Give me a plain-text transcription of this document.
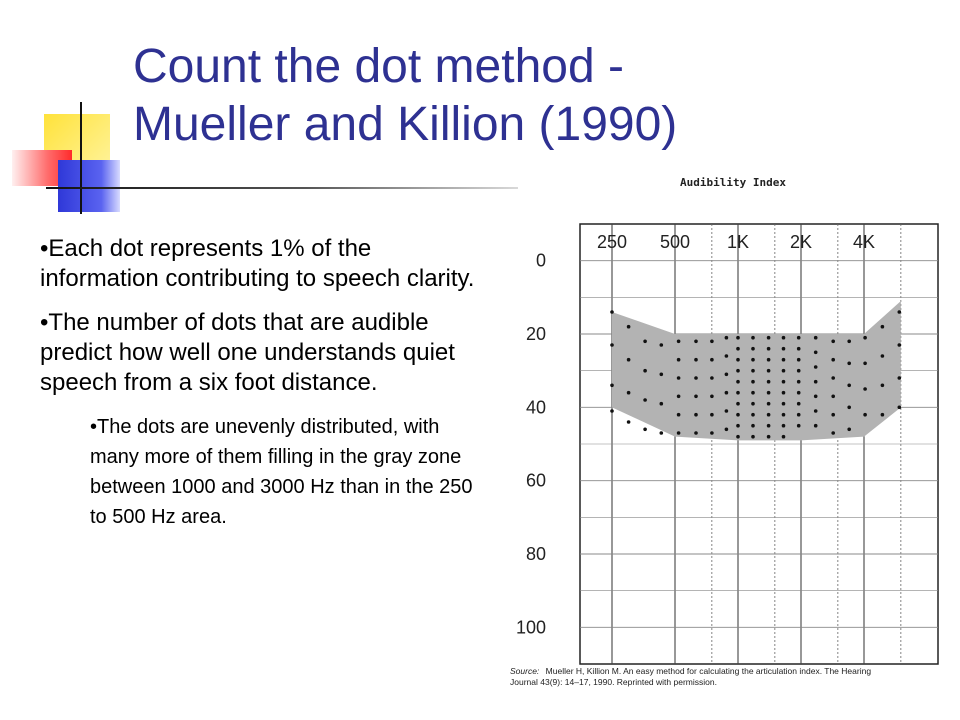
Count the dot method -
Mueller and Killion (1990)

•Each dot represents 1% of the information contributing to speech clarity.

•The number of dots that are audible predict how well one understands quiet speech from a six foot distance.

•The dots are unevenly distributed, with many more of them filling in the gray zone between 1000 and 3000 Hz than in the 250 to 500 Hz area.

Audibility Index
250 500 1K 2K 4K
0
20
40
60
80
100
Source: Mueller H, Killion M. An easy method for calculating the articulation index. The Hearing Journal 43(9): 14–17, 1990. Reprinted with permission.
